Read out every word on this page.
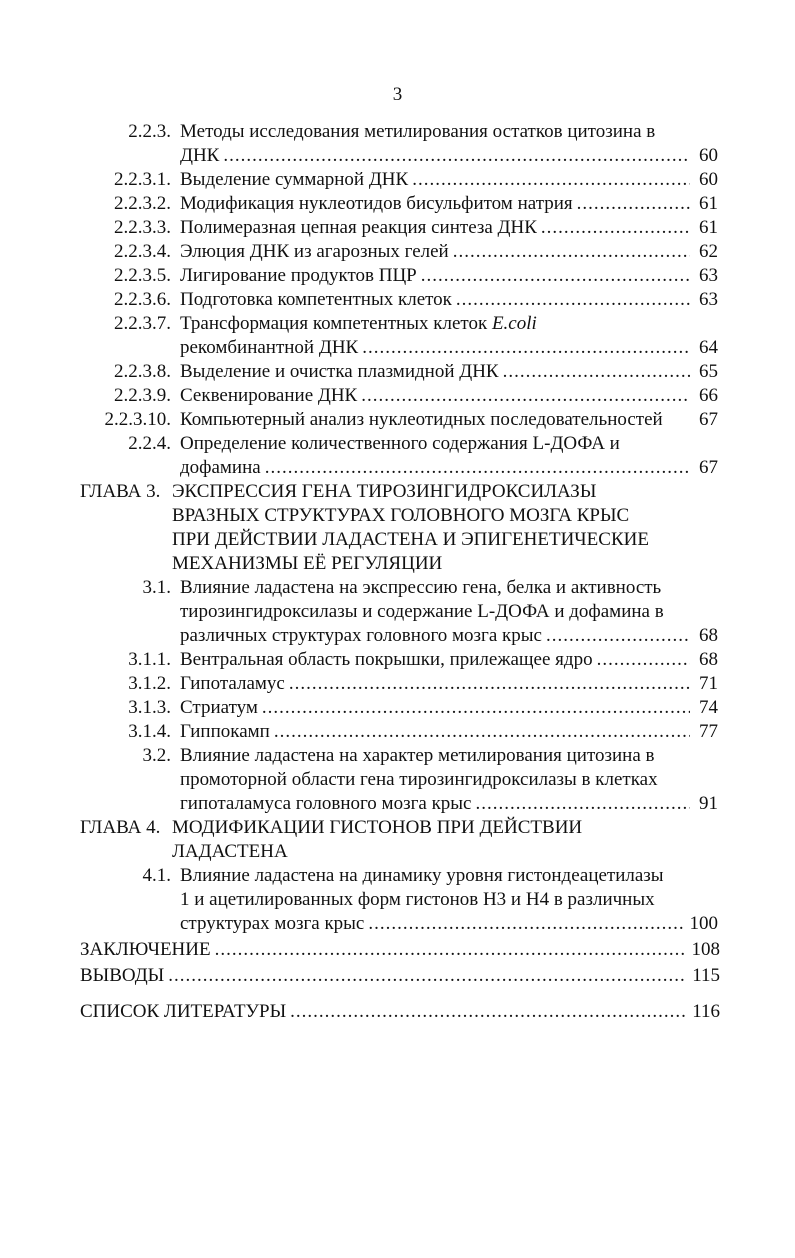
3
2.2.3. Методы исследования метилирования остатков цитозина в
ДНК .....	60
2.2.3.1. Выделение суммарной ДНК .....	60
2.2.3.2. Модификация нуклеотидов бисульфитом натрия .....	61
2.2.3.3. Полимеразная цепная реакция синтеза ДНК .....	61
2.2.3.4. Элюция ДНК из агарозных гелей .....	62
2.2.3.5. Лигирование продуктов ПЦР .....	63
2.2.3.6. Подготовка компетентных клеток .....	63
2.2.3.7. Трансформация компетентных клеток E.coli
рекомбинантной ДНК .....	64
2.2.3.8. Выделение и очистка плазмидной ДНК .....	65
2.2.3.9. Секвенирование ДНК .....	66
2.2.3.10. Компьютерный анализ нуклеотидных последовательностей 67
2.2.4. Определение количественного содержания L-ДОФА и
дофамина .....	67
ГЛАВА 3. ЭКСПРЕССИЯ ГЕНА ТИРОЗИНГИДРОКСИЛАЗЫ
ВРАЗНЫХ СТРУКТУРАХ ГОЛОВНОГО МОЗГА КРЫС
ПРИ ДЕЙСТВИИ ЛАДАСТЕНА И ЭПИГЕНЕТИЧЕСКИЕ
МЕХАНИЗМЫ ЕЁ РЕГУЛЯЦИИ
3.1. Влияние ладастена на экспрессию гена, белка и активность
тирозингидроксилазы и содержание L-ДОФА и дофамина в
различных структурах головного мозга крыс .....	68
3.1.1. Вентральная область покрышки, прилежащее ядро .....	68
3.1.2. Гипоталамус .....	71
3.1.3. Стриатум .....	74
3.1.4. Гиппокамп .....	77
3.2. Влияние ладастена на характер метилирования цитозина в
промоторной области гена тирозингидроксилазы в клетках
гипоталамуса головного мозга крыс .....	91
ГЛАВА 4. МОДИФИКАЦИИ ГИСТОНОВ ПРИ ДЕЙСТВИИ
ЛАДАСТЕНА
4.1. Влияние ладастена на динамику уровня гистондеацетилазы
1 и ацетилированных форм гистонов Н3 и Н4 в различных
структурах мозга крыс .....	100
ЗАКЛЮЧЕНИЕ .....	108
ВЫВОДЫ .....	115
СПИСОК ЛИТЕРАТУРЫ .....	116
